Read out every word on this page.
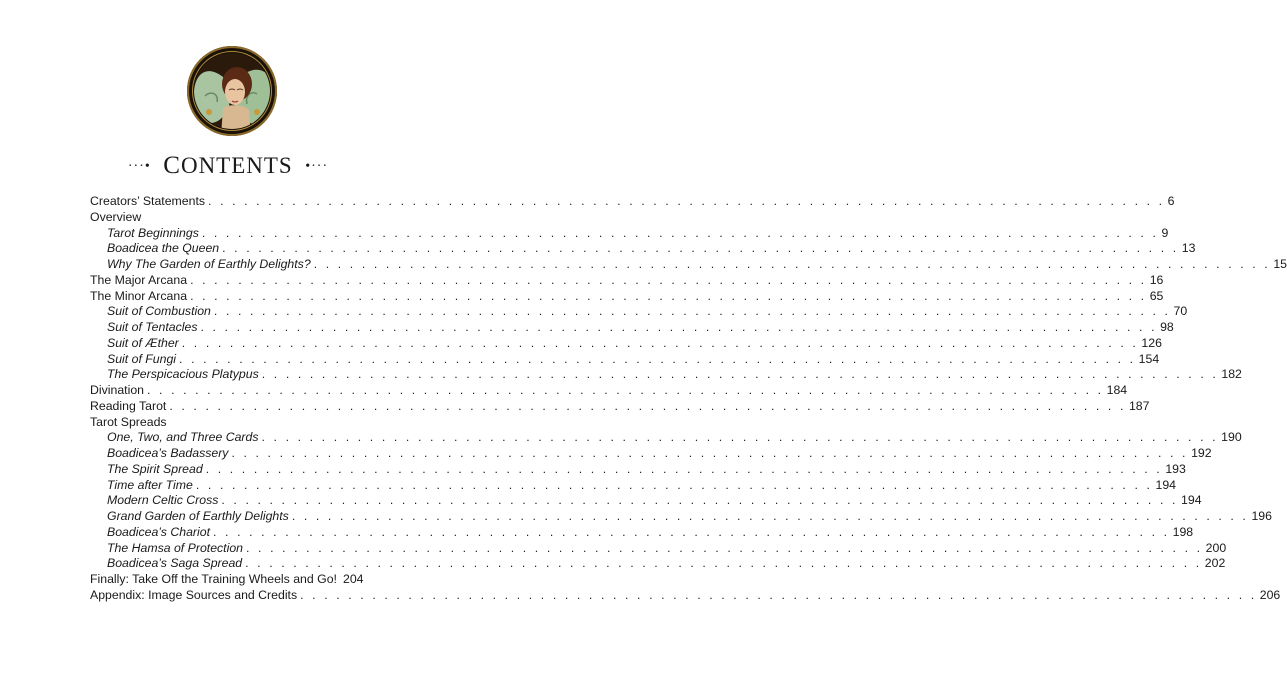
···• CONTENTS •···
Creators’ Statements . . . . . . . . . . . . . . . . . . . . . . . . . . . . . . . . . . . . . . . . . . . . . . . . . . . . . . . . . . . . . . . . . . . . . . . . . . . . . . . . 6
Overview
Tarot Beginnings . . . . . . . . . . . . . . . . . . . . . . . . . . . . . . . . . . . . . . . . . . . . . . . . . . . . . . . . . . . . . . . . . . . . . . . . . . . . . . . . 9
Boadicea the Queen . . . . . . . . . . . . . . . . . . . . . . . . . . . . . . . . . . . . . . . . . . . . . . . . . . . . . . . . . . . . . . . . . . . . . . . . . . . . . . . . 13
Why The Garden of Earthly Delights? . . . . . . . . . . . . . . . . . . . . . . . . . . . . . . . . . . . . . . . . . . . . . . . . . . . . . . . . . . . . . . . . . . . . . . . . . . . . . . . . 15
The Major Arcana . . . . . . . . . . . . . . . . . . . . . . . . . . . . . . . . . . . . . . . . . . . . . . . . . . . . . . . . . . . . . . . . . . . . . . . . . . . . . . . . 16
The Minor Arcana . . . . . . . . . . . . . . . . . . . . . . . . . . . . . . . . . . . . . . . . . . . . . . . . . . . . . . . . . . . . . . . . . . . . . . . . . . . . . . . . 65
Suit of Combustion . . . . . . . . . . . . . . . . . . . . . . . . . . . . . . . . . . . . . . . . . . . . . . . . . . . . . . . . . . . . . . . . . . . . . . . . . . . . . . . . 70
Suit of Tentacles . . . . . . . . . . . . . . . . . . . . . . . . . . . . . . . . . . . . . . . . . . . . . . . . . . . . . . . . . . . . . . . . . . . . . . . . . . . . . . . . 98
Suit of Æther . . . . . . . . . . . . . . . . . . . . . . . . . . . . . . . . . . . . . . . . . . . . . . . . . . . . . . . . . . . . . . . . . . . . . . . . . . . . . . . . 126
Suit of Fungi . . . . . . . . . . . . . . . . . . . . . . . . . . . . . . . . . . . . . . . . . . . . . . . . . . . . . . . . . . . . . . . . . . . . . . . . . . . . . . . . 154
The Perspicacious Platypus . . . . . . . . . . . . . . . . . . . . . . . . . . . . . . . . . . . . . . . . . . . . . . . . . . . . . . . . . . . . . . . . . . . . . . . . . . . . . . . . 182
Divination . . . . . . . . . . . . . . . . . . . . . . . . . . . . . . . . . . . . . . . . . . . . . . . . . . . . . . . . . . . . . . . . . . . . . . . . . . . . . . . . 184
Reading Tarot . . . . . . . . . . . . . . . . . . . . . . . . . . . . . . . . . . . . . . . . . . . . . . . . . . . . . . . . . . . . . . . . . . . . . . . . . . . . . . . . 187
Tarot Spreads
One, Two, and Three Cards . . . . . . . . . . . . . . . . . . . . . . . . . . . . . . . . . . . . . . . . . . . . . . . . . . . . . . . . . . . . . . . . . . . . . . . . . . . . . . . . 190
Boadicea’s Badassery . . . . . . . . . . . . . . . . . . . . . . . . . . . . . . . . . . . . . . . . . . . . . . . . . . . . . . . . . . . . . . . . . . . . . . . . . . . . . . . . 192
The Spirit Spread . . . . . . . . . . . . . . . . . . . . . . . . . . . . . . . . . . . . . . . . . . . . . . . . . . . . . . . . . . . . . . . . . . . . . . . . . . . . . . . . 193
Time after Time . . . . . . . . . . . . . . . . . . . . . . . . . . . . . . . . . . . . . . . . . . . . . . . . . . . . . . . . . . . . . . . . . . . . . . . . . . . . . . . . 194
Modern Celtic Cross . . . . . . . . . . . . . . . . . . . . . . . . . . . . . . . . . . . . . . . . . . . . . . . . . . . . . . . . . . . . . . . . . . . . . . . . . . . . . . . . 194
Grand Garden of Earthly Delights . . . . . . . . . . . . . . . . . . . . . . . . . . . . . . . . . . . . . . . . . . . . . . . . . . . . . . . . . . . . . . . . . . . . . . . . . . . . . . . . 196
Boadicea’s Chariot . . . . . . . . . . . . . . . . . . . . . . . . . . . . . . . . . . . . . . . . . . . . . . . . . . . . . . . . . . . . . . . . . . . . . . . . . . . . . . . . 198
The Hamsa of Protection . . . . . . . . . . . . . . . . . . . . . . . . . . . . . . . . . . . . . . . . . . . . . . . . . . . . . . . . . . . . . . . . . . . . . . . . . . . . . . . . 200
Boadicea’s Saga Spread . . . . . . . . . . . . . . . . . . . . . . . . . . . . . . . . . . . . . . . . . . . . . . . . . . . . . . . . . . . . . . . . . . . . . . . . . . . . . . . . 202
Finally: Take Off the Training Wheels and Go! 204
Appendix: Image Sources and Credits . . . . . . . . . . . . . . . . . . . . . . . . . . . . . . . . . . . . . . . . . . . . . . . . . . . . . . . . . . . . . . . . . . . . . . . . . . . . . . . . 206
